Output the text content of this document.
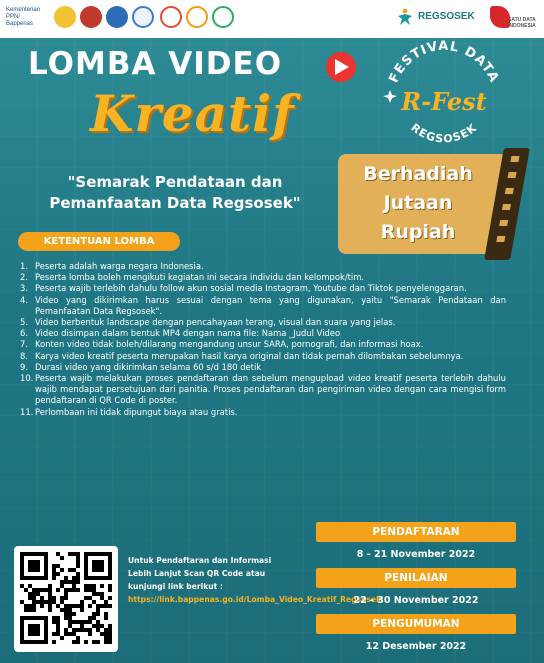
Kementerian PPN/ Bappenas
REGSOSEK	SATU DATA INDONESIA
LOMBA VIDEO
Kreatif
FESTIVAL DATA
R-Fest
REGSOSEK
"Semarak Pendataan dan Pemanfaatan Data Regsosek"
Berhadiah
Jutaan
Rupiah
KETENTUAN LOMBA
1. Peserta adalah warga negara Indonesia.
2. Peserta lomba boleh mengikuti kegiatan ini secara individu dan kelompok/tim.
3. Peserta wajib terlebih dahulu follow akun sosial media Instagram, Youtube dan Tiktok penyelenggaran.
4. Video yang dikirimkan harus sesuai dengan tema yang digunakan, yaitu "Semarak Pendataan dan Pemanfaatan Data Regsosek".
5. Video berbentuk landscape dengan pencahayaan terang, visual dan suara yang jelas.
6. Video disimpan dalam bentuk MP4 dengan nama file: Nama _Judul Video
7. Konten video tidak boleh/dilarang mengandung unsur SARA, pornografi, dan informasi hoax.
8. Karya video kreatif peserta merupakan hasil karya original dan tidak pernah dilombakan sebelumnya.
9. Durasi video yang dikirimkan selama 60 s/d 180 detik
10. Peserta wajib melakukan proses pendaftaran dan sebelum mengupload video kreatif peserta terlebih dahulu wajib mendapat persetujuan dari panitia. Proses pendaftaran dan pengiriman video dengan cara mengisi form pendaftaran di QR Code di poster.
11. Perlombaan ini tidak dipungut biaya atau gratis.
Untuk Pendaftaran dan Informasi Lebih Lanjut Scan QR Code atau kunjungi link berikut :
https://link.bappenas.go.id/Lomba_Video_Kreatif_Regsosek
PENDAFTARAN
8 - 21 November 2022
PENILAIAN
22 - 30 November 2022
PENGUMUMAN
12 Desember 2022
